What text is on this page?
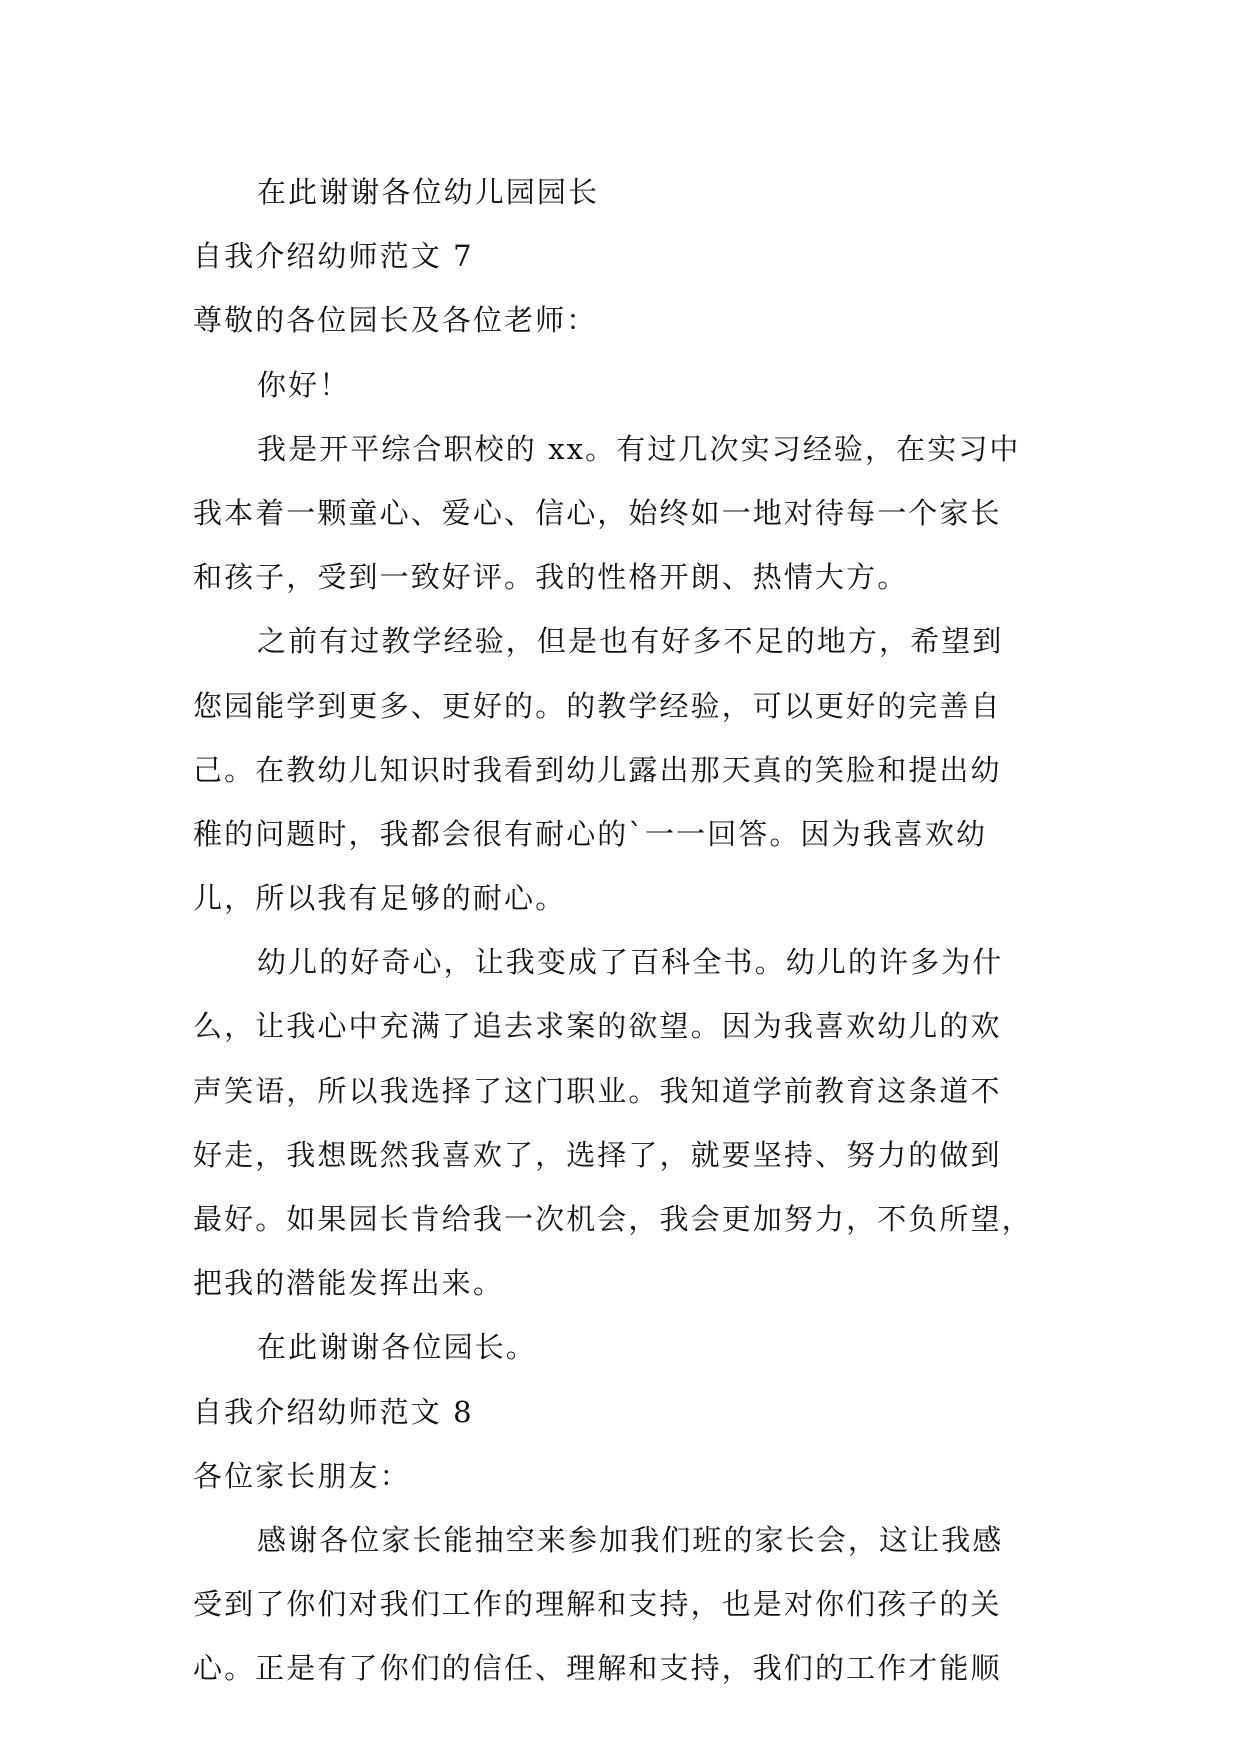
在此谢谢各位幼儿园园长
自我介绍幼师范文 7
尊敬的各位园长及各位老师：
你好！
我是开平综合职校的 xx。有过几次实习经验，在实习中
我本着一颗童心、爱心、信心，始终如一地对待每一个家长
和孩子，受到一致好评。我的性格开朗、热情大方。
之前有过教学经验，但是也有好多不足的地方，希望到
您园能学到更多、更好的。的教学经验，可以更好的完善自
己。在教幼儿知识时我看到幼儿露出那天真的笑脸和提出幼
稚的问题时，我都会很有耐心的`一一回答。因为我喜欢幼
儿，所以我有足够的耐心。
幼儿的好奇心，让我变成了百科全书。幼儿的许多为什
么，让我心中充满了追去求案的欲望。因为我喜欢幼儿的欢
声笑语，所以我选择了这门职业。我知道学前教育这条道不
好走，我想既然我喜欢了，选择了，就要坚持、努力的做到
最好。如果园长肯给我一次机会，我会更加努力，不负所望，
把我的潜能发挥出来。
在此谢谢各位园长。
自我介绍幼师范文 8
各位家长朋友：
感谢各位家长能抽空来参加我们班的家长会，这让我感
受到了你们对我们工作的理解和支持，也是对你们孩子的关
心。正是有了你们的信任、理解和支持，我们的工作才能顺
